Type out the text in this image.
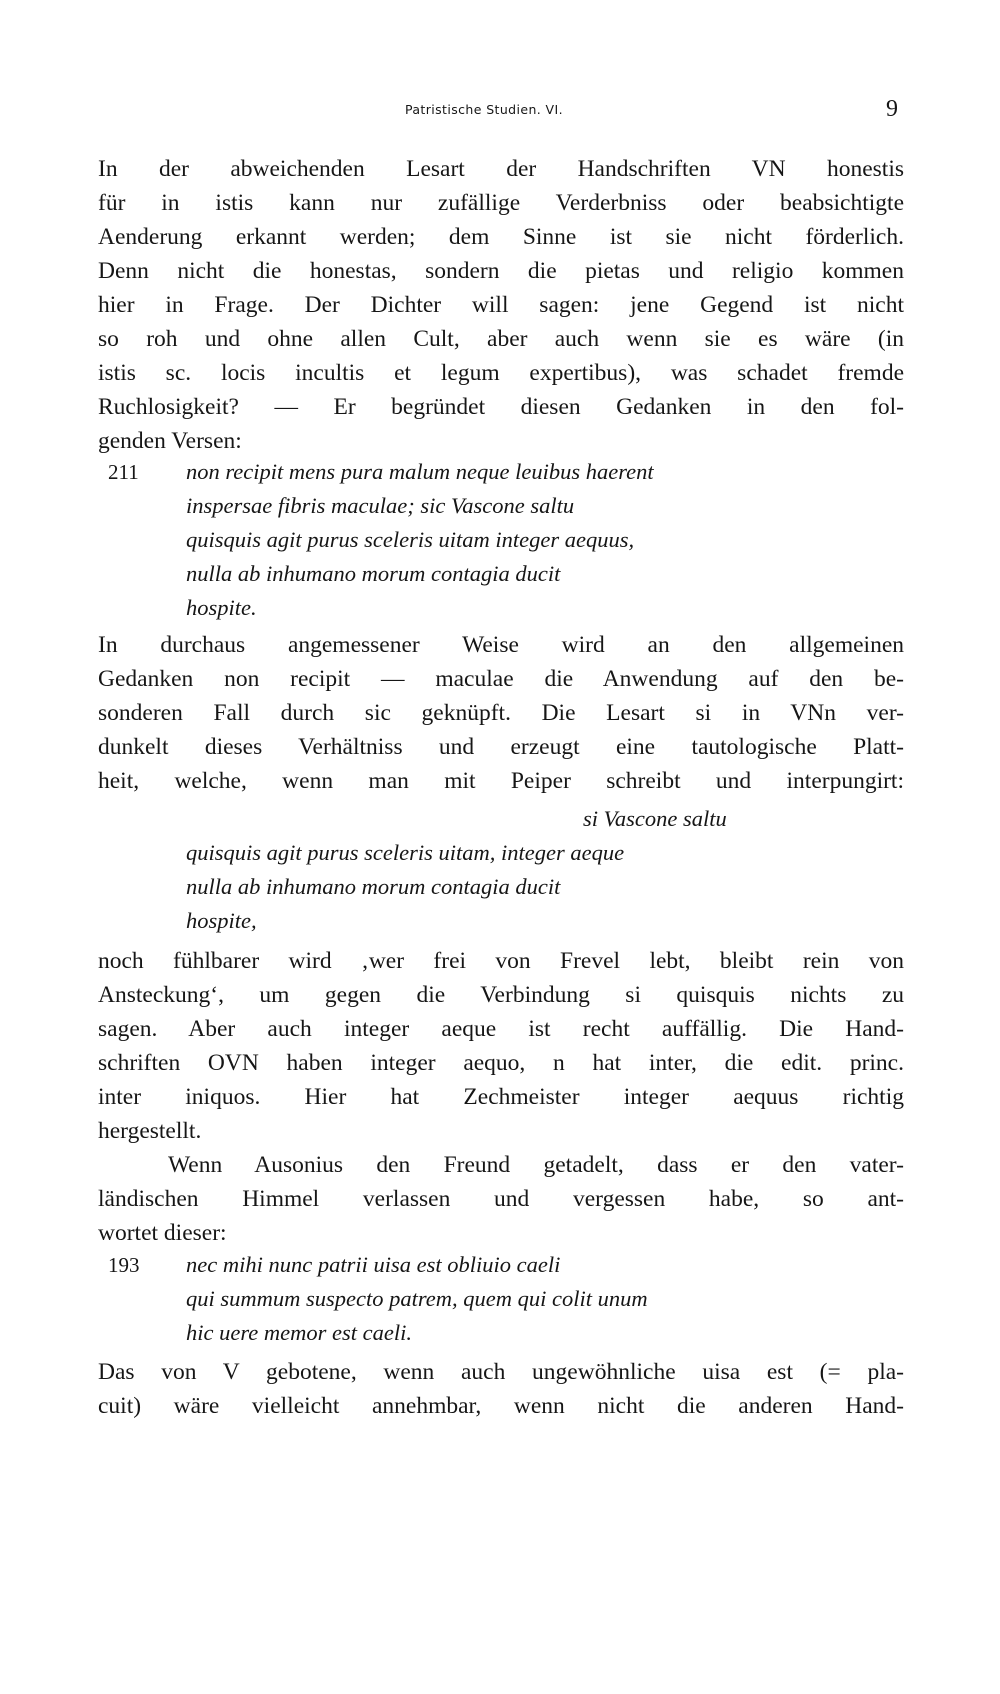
Patristische Studien. VI.	9
In der abweichenden Lesart der Handschriften VN honestis
für in istis kann nur zufällige Verderbniss oder beabsichtigte
Aenderung erkannt werden; dem Sinne ist sie nicht förderlich.
Denn nicht die honestas, sondern die pietas und religio kommen
hier in Frage. Der Dichter will sagen: jene Gegend ist nicht
so roh und ohne allen Cult, aber auch wenn sie es wäre (in
istis sc. locis incultis et legum expertibus), was schadet fremde
Ruchlosigkeit? — Er begründet diesen Gedanken in den fol-
genden Versen:
211 non recipit mens pura malum neque leuibus haerent
inspersae fibris maculae; sic Vascone saltu
quisquis agit purus sceleris uitam integer aequus,
nulla ab inhumano morum contagia ducit
hospite.
In durchaus angemessener Weise wird an den allgemeinen
Gedanken non recipit — maculae die Anwendung auf den be-
sonderen Fall durch sic geknüpft. Die Lesart si in VNn ver-
dunkelt dieses Verhältniss und erzeugt eine tautologische Platt-
heit, welche, wenn man mit Peiper schreibt und interpungirt:
si Vascone saltu
quisquis agit purus sceleris uitam, integer aeque
nulla ab inhumano morum contagia ducit
hospite,
noch fühlbarer wird ‚wer frei von Frevel lebt, bleibt rein von
Ansteckung‘, um gegen die Verbindung si quisquis nichts zu
sagen. Aber auch integer aeque ist recht auffällig. Die Hand-
schriften OVN haben integer aequo, n hat inter, die edit. princ.
inter iniquos. Hier hat Zechmeister integer aequus richtig
hergestellt.
Wenn Ausonius den Freund getadelt, dass er den vater-
ländischen Himmel verlassen und vergessen habe, so ant-
wortet dieser:
193 nec mihi nunc patrii uisa est obliuio caeli
qui summum suspecto patrem, quem qui colit unum
hic uere memor est caeli.
Das von V gebotene, wenn auch ungewöhnliche uisa est (= pla-
cuit) wäre vielleicht annehmbar, wenn nicht die anderen Hand-
